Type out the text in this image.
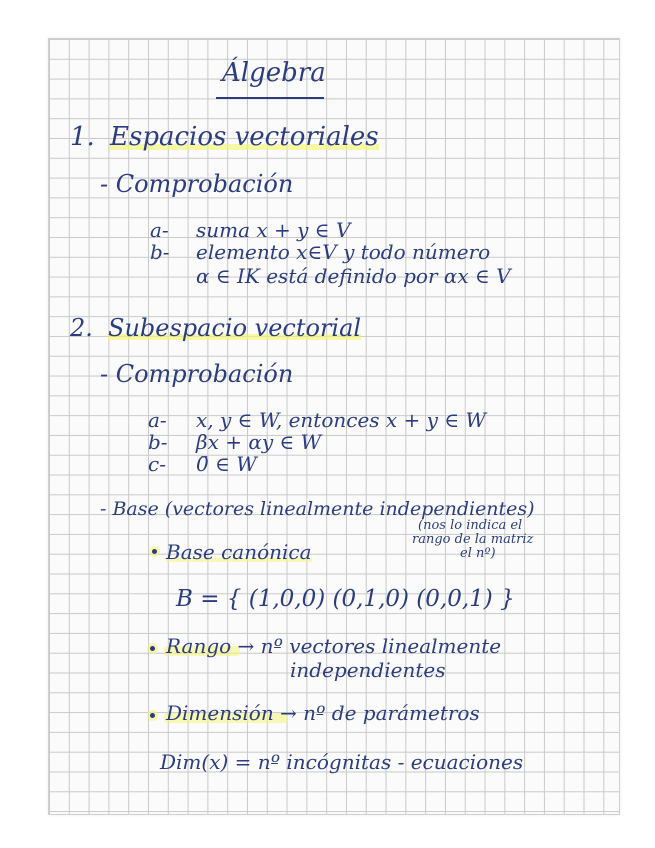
Álgebra
1. Espacios vectoriales
- Comprobación
a- suma x + y ∈ V
b- elemento x∈V y todo número
α ∈ IK está definido por αx ∈ V
2. Subespacio vectorial
- Comprobación
a- x, y ∈ W, entonces x + y ∈ W
b- βx + αy ∈ W
c- 0̄ ∈ W
- Base (vectores linealmente independientes)
(nos lo indica el
rango de la matriz
el nº)
Base canónica
B = { (1,0,0) (0,1,0) (0,0,1) }
Rango → nº vectores linealmente
independientes
Dimensión → nº de parámetros
Dim(x) = nº incógnitas - ecuaciones
